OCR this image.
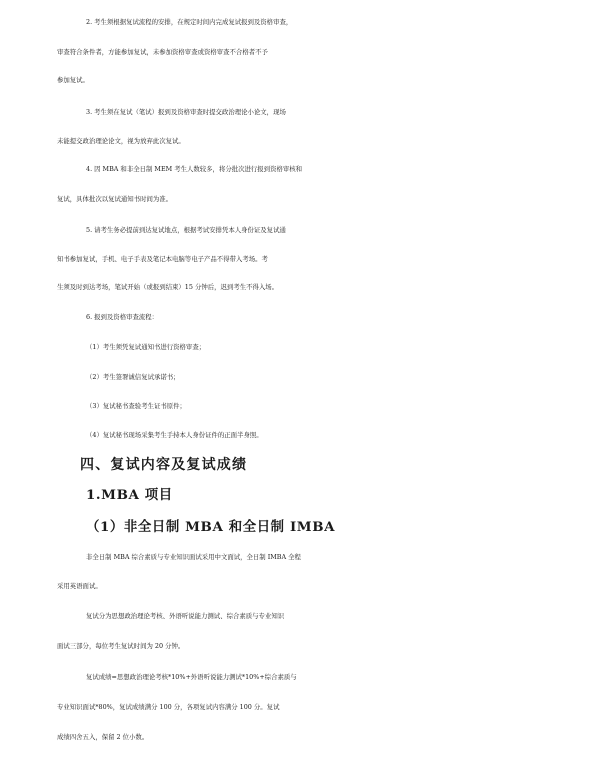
2. 考生须根据复试流程的安排，在规定时间内完成复试报到及资格审查，
审查符合条件者，方能参加复试，未参加资格审查或资格审查不合格者不予
参加复试。
3. 考生须在复试（笔试）报到及资格审查时提交政治理论小论文，现场
未能提交政治理论论文，视为放弃此次复试。
4. 因 MBA 和非全日制 MEM 考生人数较多，将分批次进行报到资格审核和
复试，具体批次以复试通知书时间为准。
5. 请考生务必提前到达复试地点，根据考试安排凭本人身份证及复试通
知书参加复试，手机、电子手表及笔记本电脑等电子产品不得带入考场。考
生须及时到达考场，笔试开始（或报到结束）15 分钟后，迟到考生不得入场。
6. 报到及资格审查流程：
（1）考生须凭复试通知书进行资格审查；
（2）考生签署诚信复试承诺书；
（3）复试秘书查验考生证书原件；
（4）复试秘书现场采集考生手持本人身份证件的正面半身照。
四、复试内容及复试成绩
1.MBA 项目
（1）非全日制 MBA 和全日制 IMBA
非全日制 MBA 综合素质与专业知识面试采用中文面试，全日制 IMBA 全程
采用英语面试。
复试分为思想政治理论考核、外语听说能力测试、综合素质与专业知识
面试三部分，每位考生复试时间为 20 分钟。
复试成绩=思想政治理论考核*10%+外语听说能力测试*10%+综合素质与
专业知识面试*80%，复试成绩满分 100 分，各项复试内容满分 100 分。复试
成绩四舍五入，保留 2 位小数。
